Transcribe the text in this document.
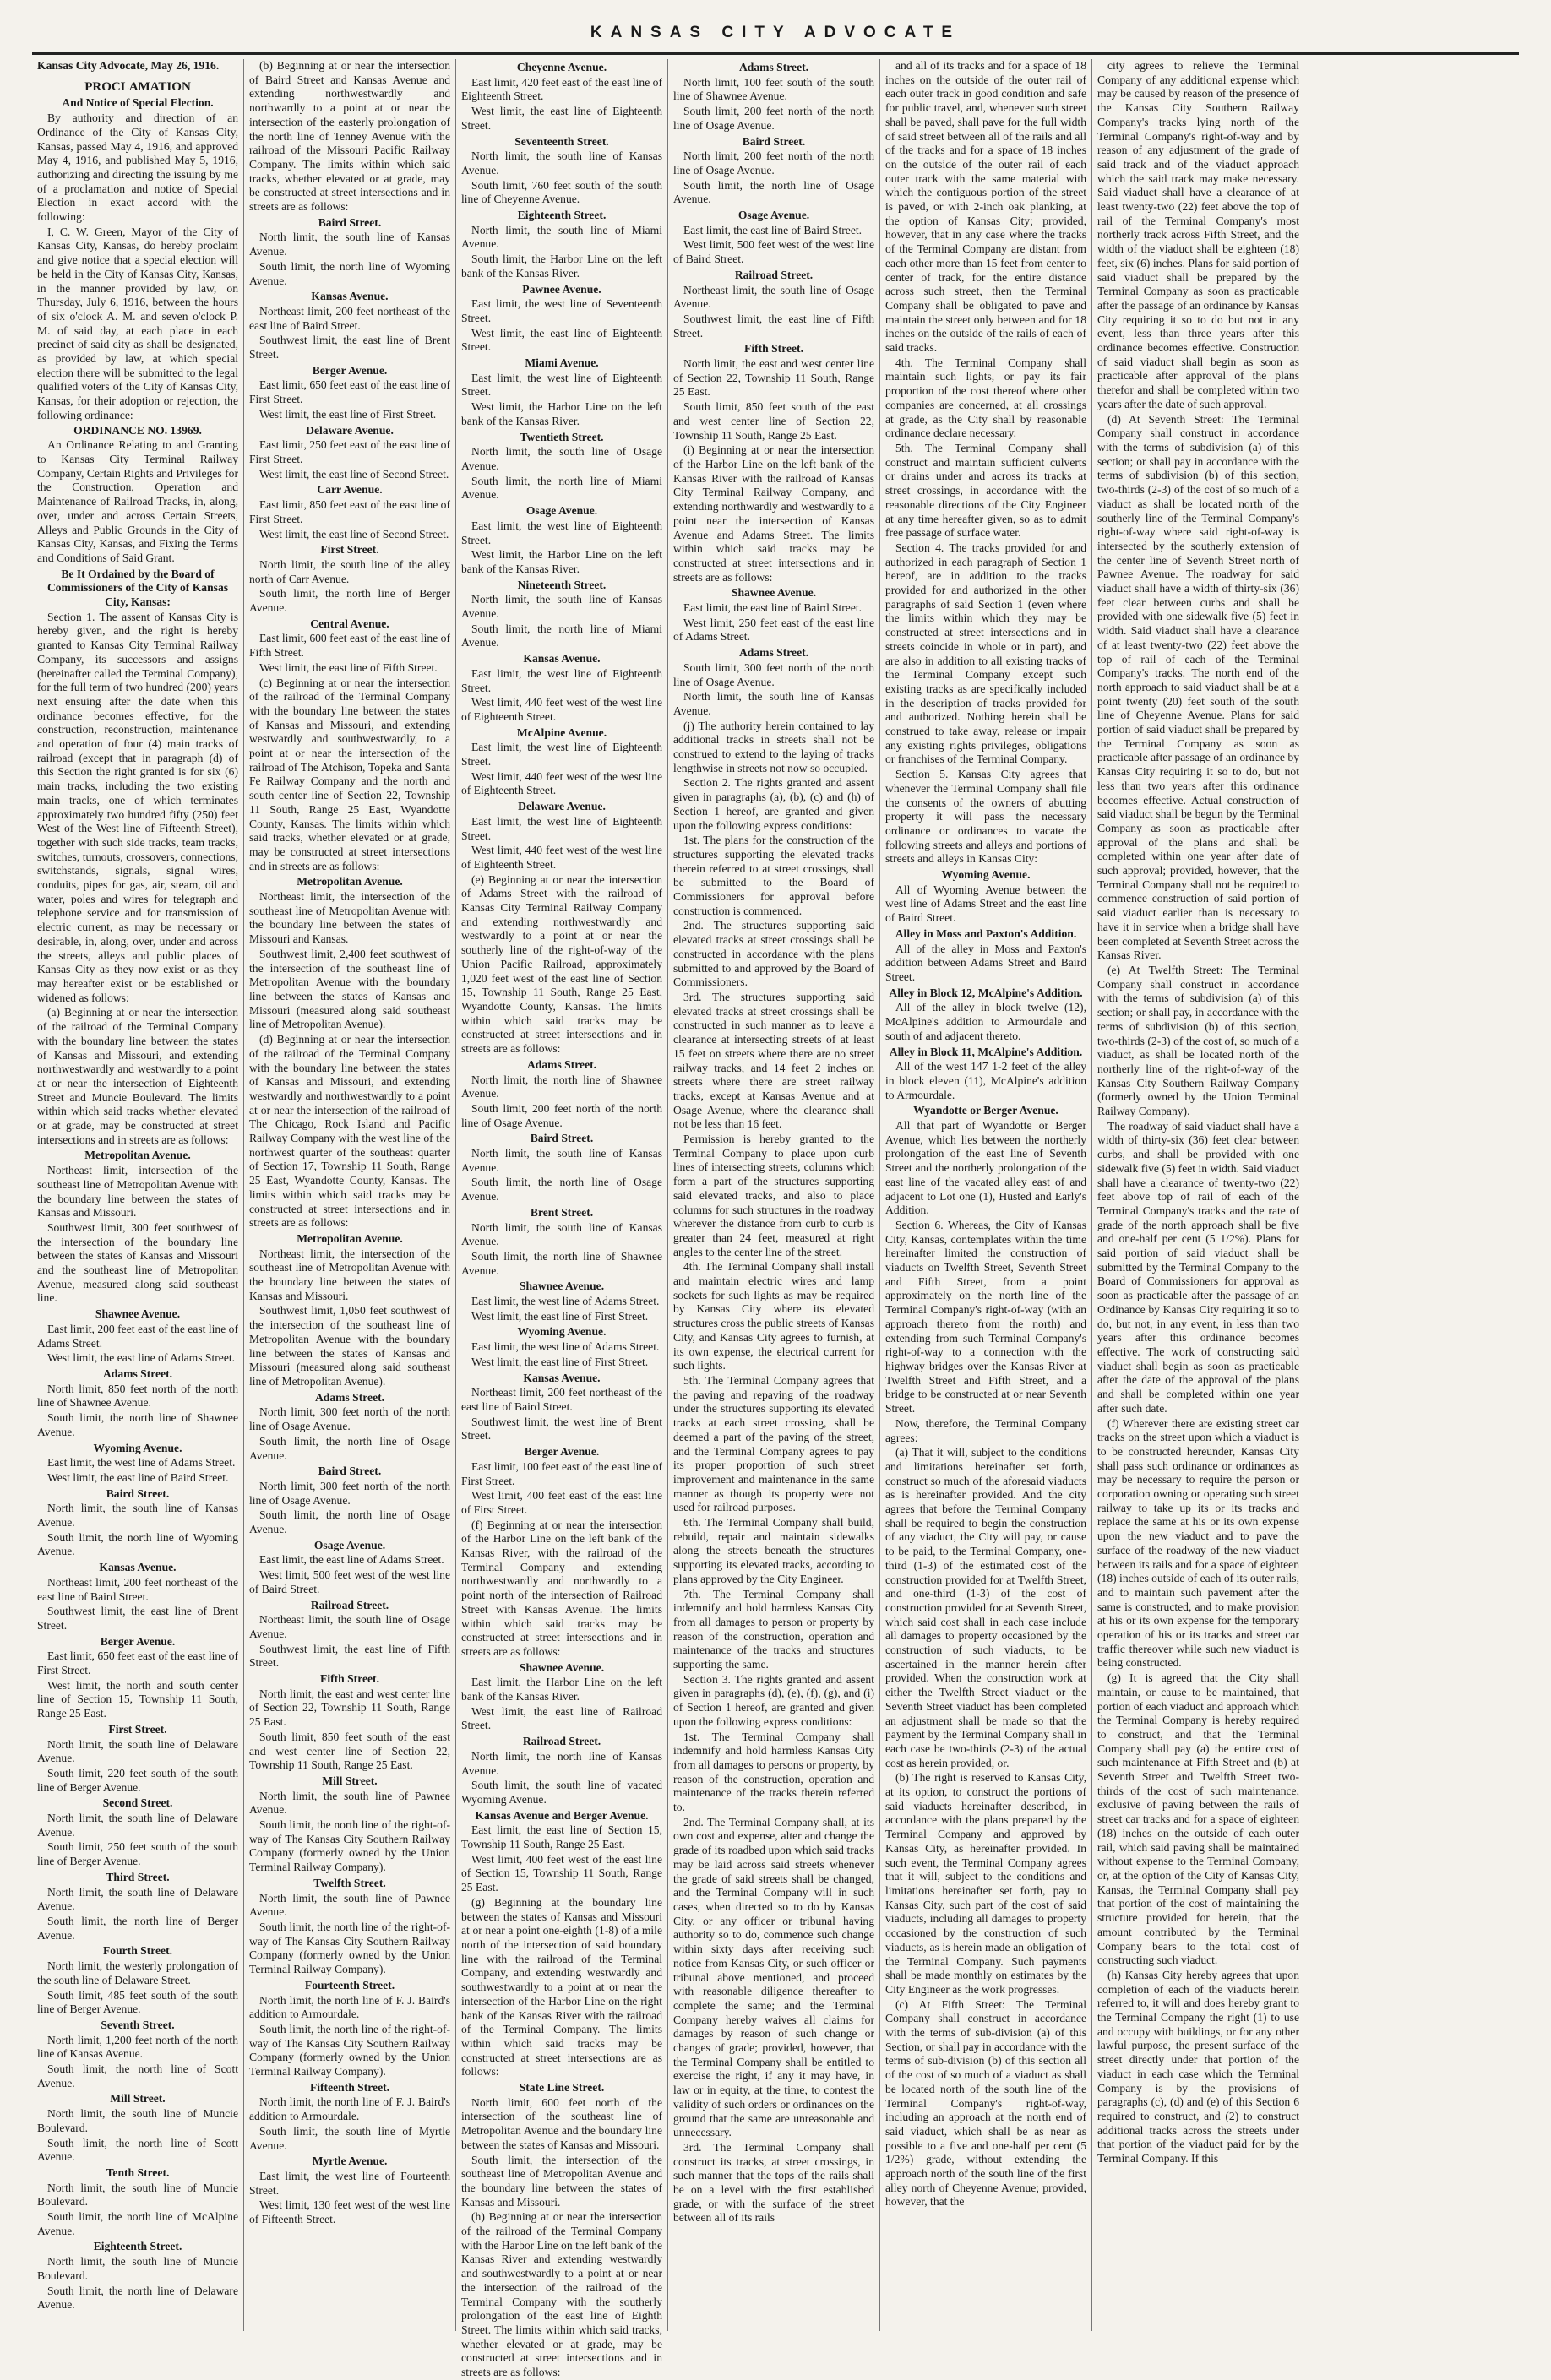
KANSAS CITY ADVOCATE

Kansas City Advocate, May 26, 1916.

PROCLAMATION

And Notice of Special Election.

By authority and direction of an Ordinance of the City of Kansas City, Kansas, passed May 4, 1916, and approved May 4, 1916, and published May 5, 1916, authorizing and directing the issuing by me of a proclamation and notice of Special Election in exact accord with the following:

I, C. W. Green, Mayor of the City of Kansas City, Kansas, do hereby proclaim and give notice that a special election will be held in the City of Kansas City, Kansas, in the manner provided by law, on Thursday, July 6, 1916, between the hours of six o'clock A. M. and seven o'clock P. M. of said day, at each place in each precinct of said city as shall be designated, as provided by law, at which special election there will be submitted to the legal qualified voters of the City of Kansas City, Kansas, for their adoption or rejection, the following ordinance:

ORDINANCE NO. 13969.

An Ordinance Relating to and Granting to Kansas City Terminal Railway Company, Certain Rights and Privileges for the Construction, Operation and Maintenance of Railroad Tracks, in, along, over, under and across Certain Streets, Alleys and Public Grounds in the City of Kansas City, Kansas, and Fixing the Terms and Conditions of Said Grant.

Be It Ordained by the Board of Commissioners of the City of Kansas City, Kansas:

Section 1. The assent of Kansas City is hereby given, and the right is hereby granted to Kansas City Terminal Railway Company, its successors and assigns (hereinafter called the Terminal Company), for the full term of two hundred (200) years next ensuing after the date when this ordinance becomes effective, for the construction, reconstruction, maintenance and operation of four (4) main tracks of railroad (except that in paragraph (d) of this Section the right granted is for six (6) main tracks, including the two existing main tracks, one of which terminates approximately two hundred fifty (250) feet West of the West line of Fifteenth Street), together with such side tracks, team tracks, switches, turnouts, crossovers, connections, switchstands, signals, signal wires, conduits, pipes for gas, air, steam, oil and water, poles and wires for telegraph and telephone service and for transmission of electric current, as may be necessary or desirable, in, along, over, under and across the streets, alleys and public places of Kansas City as they now exist or as they may hereafter exist or be established or widened as follows:

(a) Beginning at or near the intersection of the railroad of the Terminal Company with the boundary line between the states of Kansas and Missouri, and extending northwestwardly and westwardly to a point at or near the intersection of Eighteenth Street and Muncie Boulevard. The limits within which said tracks whether elevated or at grade, may be constructed at street intersections and in streets are as follows:

Metropolitan Avenue.

Northeast limit, intersection of the southeast line of Metropolitan Avenue with the boundary line between the states of Kansas and Missouri.

Southwest limit, 300 feet southwest of the intersection of the boundary line between the states of Kansas and Missouri and the southeast line of Metropolitan Avenue, measured along said southeast line.

Shawnee Avenue.

East limit, 200 feet east of the east line of Adams Street.

West limit, the east line of Adams Street.

Adams Street.

North limit, 850 feet north of the north line of Shawnee Avenue.

South limit, the north line of Shawnee Avenue.

Wyoming Avenue.

East limit, the west line of Adams Street.

West limit, the east line of Baird Street.

Baird Street.

North limit, the south line of Kansas Avenue.

South limit, the north line of Wyoming Avenue.

Kansas Avenue.

Northeast limit, 200 feet northeast of the east line of Baird Street.

Southwest limit, the east line of Brent Street.

Berger Avenue.

East limit, 650 feet east of the east line of First Street.

West limit, the north and south center line of Section 15, Township 11 South, Range 25 East.

First Street.

North limit, the south line of Delaware Avenue.

South limit, 220 feet south of the south line of Berger Avenue.

Second Street.

North limit, the south line of Delaware Avenue.

South limit, 250 feet south of the south line of Berger Avenue.

Third Street.

North limit, the south line of Delaware Avenue.

South limit, the north line of Berger Avenue.

Fourth Street.

North limit, the westerly prolongation of the south line of Delaware Street.

South limit, 485 feet south of the south line of Berger Avenue.

Seventh Street.

North limit, 1,200 feet north of the north line of Kansas Avenue.

South limit, the north line of Scott Avenue.

Mill Street.

North limit, the south line of Muncie Boulevard.

South limit, the north line of Scott Avenue.

Tenth Street.

North limit, the south line of Muncie Boulevard.

South limit, the north line of McAlpine Avenue.

Eighteenth Street.

North limit, the south line of Muncie Boulevard.

South limit, the north line of Delaware Avenue.

(b) Beginning at or near the intersection of Baird Street and Kansas Avenue and extending northwestwardly and northwardly to a point at or near the intersection of the easterly prolongation of the north line of Tenney Avenue with the railroad of the Missouri Pacific Railway Company. The limits within which said tracks, whether elevated or at grade, may be constructed at street intersections and in streets are as follows:

Baird Street.

North limit, the south line of Kansas Avenue.

South limit, the north line of Wyoming Avenue.

Kansas Avenue.

Northeast limit, 200 feet northeast of the east line of Baird Street.

Southwest limit, the east line of Brent Street.

Berger Avenue.

East limit, 650 feet east of the east line of First Street.

West limit, the east line of First Street.

Delaware Avenue.

East limit, 250 feet east of the east line of First Street.

West limit, the east line of Second Street.

Carr Avenue.

East limit, 850 feet east of the east line of First Street.

West limit, the east line of Second Street.

First Street.

North limit, the south line of the alley north of Carr Avenue.

South limit, the north line of Berger Avenue.

Central Avenue.

East limit, 600 feet east of the east line of Fifth Street.

West limit, the east line of Fifth Street.

(c) Beginning at or near the intersection of the railroad of the Terminal Company with the boundary line between the states of Kansas and Missouri, and extending westwardly and southwestwardly, to a point at or near the intersection of the railroad of The Atchison, Topeka and Santa Fe Railway Company and the north and south center line of Section 22, Township 11 South, Range 25 East, Wyandotte County, Kansas. The limits within which said tracks, whether elevated or at grade, may be constructed at street intersections and in streets are as follows:

Metropolitan Avenue.

Northeast limit, the intersection of the southeast line of Metropolitan Avenue with the boundary line between the states of Missouri and Kansas.

Southwest limit, 2,400 feet southwest of the intersection of the southeast line of Metropolitan Avenue with the boundary line between the states of Kansas and Missouri (measured along said southeast line of Metropolitan Avenue).

(d) Beginning at or near the intersection of the railroad of the Terminal Company with the boundary line between the states of Kansas and Missouri, and extending westwardly and northwestwardly to a point at or near the intersection of the railroad of The Chicago, Rock Island and Pacific Railway Company with the west line of the northwest quarter of the southeast quarter of Section 17, Township 11 South, Range 25 East, Wyandotte County, Kansas. The limits within which said tracks may be constructed at street intersections and in streets are as follows:

Metropolitan Avenue.

Northeast limit, the intersection of the southeast line of Metropolitan Avenue with the boundary line between the states of Kansas and Missouri.

Southwest limit, 1,050 feet southwest of the intersection of the southeast line of Metropolitan Avenue with the boundary line between the states of Kansas and Missouri (measured along said southeast line of Metropolitan Avenue).

Adams Street.

North limit, 300 feet north of the north line of Osage Avenue.

South limit, the north line of Osage Avenue.

Baird Street.

North limit, 300 feet north of the north line of Osage Avenue.

South limit, the north line of Osage Avenue.

Osage Avenue.

East limit, the east line of Adams Street.

West limit, 500 feet west of the west line of Baird Street.

Railroad Street.

Northeast limit, the south line of Osage Avenue.

Southwest limit, the east line of Fifth Street.

Fifth Street.

North limit, the east and west center line of Section 22, Township 11 South, Range 25 East.

South limit, 850 feet south of the east and west center line of Section 22, Township 11 South, Range 25 East.

Mill Street.

North limit, the south line of Pawnee Avenue.

South limit, the north line of the right-of-way of The Kansas City Southern Railway Company (formerly owned by the Union Terminal Railway Company).

Twelfth Street.

North limit, the south line of Pawnee Avenue.

South limit, the north line of the right-of-way of The Kansas City Southern Railway Company (formerly owned by the Union Terminal Railway Company).

Fourteenth Street.

North limit, the north line of F. J. Baird's addition to Armourdale.

South limit, the north line of the right-of-way of The Kansas City Southern Railway Company (formerly owned by the Union Terminal Railway Company).

Fifteenth Street.

North limit, the north line of F. J. Baird's addition to Armourdale.

South limit, the south line of Myrtle Avenue.

Myrtle Avenue.

East limit, the west line of Fourteenth Street.

West limit, 130 feet west of the west line of Fifteenth Street.

Cheyenne Avenue.

East limit, 420 feet east of the east line of Eighteenth Street.

West limit, the east line of Eighteenth Street.

Seventeenth Street.

North limit, the south line of Kansas Avenue.

South limit, 760 feet south of the south line of Cheyenne Avenue.

Eighteenth Street.

North limit, the south line of Miami Avenue.

South limit, the Harbor Line on the left bank of the Kansas River.

Pawnee Avenue.

East limit, the west line of Seventeenth Street.

West limit, the east line of Eighteenth Street.

Miami Avenue.

East limit, the west line of Eighteenth Street.

West limit, the Harbor Line on the left bank of the Kansas River.

Twentieth Street.

North limit, the south line of Osage Avenue.

South limit, the north line of Miami Avenue.

Osage Avenue.

East limit, the west line of Eighteenth Street.

West limit, the Harbor Line on the left bank of the Kansas River.

Nineteenth Street.

North limit, the south line of Kansas Avenue.

South limit, the north line of Miami Avenue.

Kansas Avenue.

East limit, the west line of Eighteenth Street.

West limit, 440 feet west of the west line of Eighteenth Street.

McAlpine Avenue.

East limit, the west line of Eighteenth Street.

West limit, 440 feet west of the west line of Eighteenth Street.

Delaware Avenue.

East limit, the west line of Eighteenth Street.

West limit, 440 feet west of the west line of Eighteenth Street.

(e) Beginning at or near the intersection of Adams Street with the railroad of Kansas City Terminal Railway Company and extending northwestwardly and westwardly to a point at or near the southerly line of the right-of-way of the Union Pacific Railroad, approximately 1,020 feet west of the east line of Section 15, Township 11 South, Range 25 East, Wyandotte County, Kansas. The limits within which said tracks may be constructed at street intersections and in streets are as follows:

Adams Street.

North limit, the north line of Shawnee Avenue.

South limit, 200 feet north of the north line of Osage Avenue.

Baird Street.

North limit, the south line of Kansas Avenue.

South limit, the north line of Osage Avenue.

Brent Street.

North limit, the south line of Kansas Avenue.

South limit, the north line of Shawnee Avenue.

Shawnee Avenue.

East limit, the west line of Adams Street.

West limit, the east line of First Street.

Wyoming Avenue.

East limit, the west line of Adams Street.

West limit, the east line of First Street.

Kansas Avenue.

Northeast limit, 200 feet northeast of the east line of Baird Street.

Southwest limit, the west line of Brent Street.

Berger Avenue.

East limit, 100 feet east of the east line of First Street.

West limit, 400 feet east of the east line of First Street.

(f) Beginning at or near the intersection of the Harbor Line on the left bank of the Kansas River, with the railroad of the Terminal Company and extending northwestwardly and northwardly to a point north of the intersection of Railroad Street with Kansas Avenue. The limits within which said tracks may be constructed at street intersections and in streets are as follows:

Shawnee Avenue.

East limit, the Harbor Line on the left bank of the Kansas River.

West limit, the east line of Railroad Street.

Railroad Street.

North limit, the north line of Kansas Avenue.

South limit, the south line of vacated Wyoming Avenue.

Kansas Avenue and Berger Avenue.

East limit, the east line of Section 15, Township 11 South, Range 25 East.

West limit, 400 feet west of the east line of Section 15, Township 11 South, Range 25 East.

(g) Beginning at the boundary line between the states of Kansas and Missouri at or near a point one-eighth (1-8) of a mile north of the intersection of said boundary line with the railroad of the Terminal Company, and extending westwardly and southwestwardly to a point at or near the intersection of the Harbor Line on the right bank of the Kansas River with the railroad of the Terminal Company. The limits within which said tracks may be constructed at street intersections are as follows:

State Line Street.

North limit, 600 feet north of the intersection of the southeast line of Metropolitan Avenue and the boundary line between the states of Kansas and Missouri.

South limit, the intersection of the southeast line of Metropolitan Avenue and the boundary line between the states of Kansas and Missouri.

(h) Beginning at or near the intersection of the railroad of the Terminal Company with the Harbor Line on the left bank of the Kansas River and extending westwardly and southwestwardly to a point at or near the intersection of the railroad of the Terminal Company with the southerly prolongation of the east line of Eighth Street. The limits within which said tracks, whether elevated or at grade, may be constructed at street intersections and in streets are as follows:

Adams Street.

North limit, 100 feet south of the south line of Shawnee Avenue.

South limit, 200 feet north of the north line of Osage Avenue.

Baird Street.

North limit, 200 feet north of the north line of Osage Avenue.

South limit, the north line of Osage Avenue.

Osage Avenue.

East limit, the east line of Baird Street.

West limit, 500 feet west of the west line of Baird Street.

Railroad Street.

Northeast limit, the south line of Osage Avenue.

Southwest limit, the east line of Fifth Street.

Fifth Street.

North limit, the east and west center line of Section 22, Township 11 South, Range 25 East.

South limit, 850 feet south of the east and west center line of Section 22, Township 11 South, Range 25 East.

(i) Beginning at or near the intersection of the Harbor Line on the left bank of the Kansas River with the railroad of Kansas City Terminal Railway Company, and extending northwardly and westwardly to a point near the intersection of Kansas Avenue and Adams Street. The limits within which said tracks may be constructed at street intersections and in streets are as follows:

Shawnee Avenue.

East limit, the east line of Baird Street.

West limit, 250 feet east of the east line of Adams Street.

Adams Street.

South limit, 300 feet north of the north line of Osage Avenue.

North limit, the south line of Kansas Avenue.

(j) The authority herein contained to lay additional tracks in streets shall not be construed to extend to the laying of tracks lengthwise in streets not now so occupied.

Section 2. The rights granted and assent given in paragraphs (a), (b), (c) and (h) of Section 1 hereof, are granted and given upon the following express conditions:

1st. The plans for the construction of the structures supporting the elevated tracks therein referred to at street crossings, shall be submitted to the Board of Commissioners for approval before construction is commenced.

2nd. The structures supporting said elevated tracks at street crossings shall be constructed in accordance with the plans submitted to and approved by the Board of Commissioners.

3rd. The structures supporting said elevated tracks at street crossings shall be constructed in such manner as to leave a clearance at intersecting streets of at least 15 feet on streets where there are no street railway tracks, and 14 feet 2 inches on streets where there are street railway tracks, except at Kansas Avenue and at Osage Avenue, where the clearance shall not be less than 16 feet.

Permission is hereby granted to the Terminal Company to place upon curb lines of intersecting streets, columns which form a part of the structures supporting said elevated tracks, and also to place columns for such structures in the roadway wherever the distance from curb to curb is greater than 24 feet, measured at right angles to the center line of the street.

4th. The Terminal Company shall install and maintain electric wires and lamp sockets for such lights as may be required by Kansas City where its elevated structures cross the public streets of Kansas City, and Kansas City agrees to furnish, at its own expense, the electrical current for such lights.

5th. The Terminal Company agrees that the paving and repaving of the roadway under the structures supporting its elevated tracks at each street crossing, shall be deemed a part of the paving of the street, and the Terminal Company agrees to pay its proper proportion of such street improvement and maintenance in the same manner as though its property were not used for railroad purposes.

6th. The Terminal Company shall build, rebuild, repair and maintain sidewalks along the streets beneath the structures supporting its elevated tracks, according to plans approved by the City Engineer.

7th. The Terminal Company shall indemnify and hold harmless Kansas City from all damages to person or property by reason of the construction, operation and maintenance of the tracks and structures supporting the same.

Section 3. The rights granted and assent given in paragraphs (d), (e), (f), (g), and (i) of Section 1 hereof, are granted and given upon the following express conditions:

1st. The Terminal Company shall indemnify and hold harmless Kansas City from all damages to persons or property, by reason of the construction, operation and maintenance of the tracks therein referred to.

2nd. The Terminal Company shall, at its own cost and expense, alter and change the grade of its roadbed upon which said tracks may be laid across said streets whenever the grade of said streets shall be changed, and the Terminal Company will in such cases, when directed so to do by Kansas City, or any officer or tribunal having authority so to do, commence such change within sixty days after receiving such notice from Kansas City, or such officer or tribunal above mentioned, and proceed with reasonable diligence thereafter to complete the same; and the Terminal Company hereby waives all claims for damages by reason of such change or changes of grade; provided, however, that the Terminal Company shall be entitled to exercise the right, if any it may have, in law or in equity, at the time, to contest the validity of such orders or ordinances on the ground that the same are unreasonable and unnecessary.

3rd. The Terminal Company shall construct its tracks, at street crossings, in such manner that the tops of the rails shall be on a level with the first established grade, or with the surface of the street between all of its rails

and all of its tracks and for a space of 18 inches on the outside of the outer rail of each outer track in good condition and safe for public travel, and, whenever such street shall be paved, shall pave for the full width of said street between all of the rails and all of the tracks and for a space of 18 inches on the outside of the outer rail of each outer track with the same material with which the contiguous portion of the street is paved, or with 2-inch oak planking, at the option of Kansas City; provided, however, that in any case where the tracks of the Terminal Company are distant from each other more than 15 feet from center to center of track, for the entire distance across such street, then the Terminal Company shall be obligated to pave and maintain the street only between and for 18 inches on the outside of the rails of each of said tracks.

4th. The Terminal Company shall maintain such lights, or pay its fair proportion of the cost thereof where other companies are concerned, at all crossings at grade, as the City shall by reasonable ordinance declare necessary.

5th. The Terminal Company shall construct and maintain sufficient culverts or drains under and across its tracks at street crossings, in accordance with the reasonable directions of the City Engineer at any time hereafter given, so as to admit free passage of surface water.

Section 4. The tracks provided for and authorized in each paragraph of Section 1 hereof, are in addition to the tracks provided for and authorized in the other paragraphs of said Section 1 (even where the limits within which they may be constructed at street intersections and in streets coincide in whole or in part), and are also in addition to all existing tracks of the Terminal Company except such existing tracks as are specifically included in the description of tracks provided for and authorized. Nothing herein shall be construed to take away, release or impair any existing rights privileges, obligations or franchises of the Terminal Company.

Section 5. Kansas City agrees that whenever the Terminal Company shall file the consents of the owners of abutting property it will pass the necessary ordinance or ordinances to vacate the following streets and alleys and portions of streets and alleys in Kansas City:

Wyoming Avenue.

All of Wyoming Avenue between the west line of Adams Street and the east line of Baird Street.

Alley in Moss and Paxton's Addition.

All of the alley in Moss and Paxton's addition between Adams Street and Baird Street.

Alley in Block 12, McAlpine's Addition.

All of the alley in block twelve (12), McAlpine's addition to Armourdale and south of and adjacent thereto.

Alley in Block 11, McAlpine's Addition.

All of the west 147 1-2 feet of the alley in block eleven (11), McAlpine's addition to Armourdale.

Wyandotte or Berger Avenue.

All that part of Wyandotte or Berger Avenue, which lies between the northerly prolongation of the east line of Seventh Street and the northerly prolongation of the east line of the vacated alley east of and adjacent to Lot one (1), Husted and Early's Addition.

Section 6. Whereas, the City of Kansas City, Kansas, contemplates within the time hereinafter limited the construction of viaducts on Twelfth Street, Seventh Street and Fifth Street, from a point approximately on the north line of the Terminal Company's right-of-way (with an approach thereto from the north) and extending from such Terminal Company's right-of-way to a connection with the highway bridges over the Kansas River at Twelfth Street and Fifth Street, and a bridge to be constructed at or near Seventh Street.

Now, therefore, the Terminal Company agrees:

(a) That it will, subject to the conditions and limitations hereinafter set forth, construct so much of the aforesaid viaducts as is hereinafter provided. And the city agrees that before the Terminal Company shall be required to begin the construction of any viaduct, the City will pay, or cause to be paid, to the Terminal Company, one-third (1-3) of the estimated cost of the construction provided for at Twelfth Street, and one-third (1-3) of the cost of construction provided for at Seventh Street, which said cost shall in each case include all damages to property occasioned by the construction of such viaducts, to be ascertained in the manner herein after provided. When the construction work at either the Twelfth Street viaduct or the Seventh Street viaduct has been completed an adjustment shall be made so that the payment by the Terminal Company shall in each case be two-thirds (2-3) of the actual cost as herein provided, or.

(b) The right is reserved to Kansas City, at its option, to construct the portions of said viaducts hereinafter described, in accordance with the plans prepared by the Terminal Company and approved by Kansas City, as hereinafter provided. In such event, the Terminal Company agrees that it will, subject to the conditions and limitations hereinafter set forth, pay to Kansas City, such part of the cost of said viaducts, including all damages to property occasioned by the construction of such viaducts, as is herein made an obligation of the Terminal Company. Such payments shall be made monthly on estimates by the City Engineer as the work progresses.

(c) At Fifth Street: The Terminal Company shall construct in accordance with the terms of sub-division (a) of this Section, or shall pay in accordance with the terms of sub-division (b) of this section all of the cost of so much of a viaduct as shall be located north of the south line of the Terminal Company's right-of-way, including an approach at the north end of said viaduct, which shall be as near as possible to a five and one-half per cent (5 1/2%) grade, without extending the approach north of the south line of the first alley north of Cheyenne Avenue; provided, however, that the

city agrees to relieve the Terminal Company of any additional expense which may be caused by reason of the presence of the Kansas City Southern Railway Company's tracks lying north of the Terminal Company's right-of-way and by reason of any adjustment of the grade of said track and of the viaduct approach which the said track may make necessary. Said viaduct shall have a clearance of at least twenty-two (22) feet above the top of rail of the Terminal Company's most northerly track across Fifth Street, and the width of the viaduct shall be eighteen (18) feet, six (6) inches. Plans for said portion of said viaduct shall be prepared by the Terminal Company as soon as practicable after the passage of an ordinance by Kansas City requiring it so to do but not in any event, less than three years after this ordinance becomes effective. Construction of said viaduct shall begin as soon as practicable after approval of the plans therefor and shall be completed within two years after the date of such approval.

(d) At Seventh Street: The Terminal Company shall construct in accordance with the terms of subdivision (a) of this section; or shall pay in accordance with the terms of subdivision (b) of this section, two-thirds (2-3) of the cost of so much of a viaduct as shall be located north of the southerly line of the Terminal Company's right-of-way where said right-of-way is intersected by the southerly extension of the center line of Seventh Street north of Pawnee Avenue. The roadway for said viaduct shall have a width of thirty-six (36) feet clear between curbs and shall be provided with one sidewalk five (5) feet in width. Said viaduct shall have a clearance of at least twenty-two (22) feet above the top of rail of each of the Terminal Company's tracks. The north end of the north approach to said viaduct shall be at a point twenty (20) feet south of the south line of Cheyenne Avenue. Plans for said portion of said viaduct shall be prepared by the Terminal Company as soon as practicable after passage of an ordinance by Kansas City requiring it so to do, but not less than two years after this ordinance becomes effective. Actual construction of said viaduct shall be begun by the Terminal Company as soon as practicable after approval of the plans and shall be completed within one year after date of such approval; provided, however, that the Terminal Company shall not be required to commence construction of said portion of said viaduct earlier than is necessary to have it in service when a bridge shall have been completed at Seventh Street across the Kansas River.

(e) At Twelfth Street: The Terminal Company shall construct in accordance with the terms of subdivision (a) of this section; or shall pay, in accordance with the terms of subdivision (b) of this section, two-thirds (2-3) of the cost of, so much of a viaduct, as shall be located north of the northerly line of the right-of-way of the Kansas City Southern Railway Company (formerly owned by the Union Terminal Railway Company).

The roadway of said viaduct shall have a width of thirty-six (36) feet clear between curbs, and shall be provided with one sidewalk five (5) feet in width. Said viaduct shall have a clearance of twenty-two (22) feet above top of rail of each of the Terminal Company's tracks and the rate of grade of the north approach shall be five and one-half per cent (5 1/2%). Plans for said portion of said viaduct shall be submitted by the Terminal Company to the Board of Commissioners for approval as soon as practicable after the passage of an Ordinance by Kansas City requiring it so to do, but not, in any event, in less than two years after this ordinance becomes effective. The work of constructing said viaduct shall begin as soon as practicable after the date of the approval of the plans and shall be completed within one year after such date.

(f) Wherever there are existing street car tracks on the street upon which a viaduct is to be constructed hereunder, Kansas City shall pass such ordinance or ordinances as may be necessary to require the person or corporation owning or operating such street railway to take up its or its tracks and replace the same at his or its own expense upon the new viaduct and to pave the surface of the roadway of the new viaduct between its rails and for a space of eighteen (18) inches outside of each of its outer rails, and to maintain such pavement after the same is constructed, and to make provision at his or its own expense for the temporary operation of his or its tracks and street car traffic thereover while such new viaduct is being constructed.

(g) It is agreed that the City shall maintain, or cause to be maintained, that portion of each viaduct and approach which the Terminal Company is hereby required to construct, and that the Terminal Company shall pay (a) the entire cost of such maintenance at Fifth Street and (b) at Seventh Street and Twelfth Street two-thirds of the cost of such maintenance, exclusive of paving between the rails of street car tracks and for a space of eighteen (18) inches on the outside of each outer rail, which said paving shall be maintained without expense to the Terminal Company, or, at the option of the City of Kansas City, Kansas, the Terminal Company shall pay that portion of the cost of maintaining the structure provided for herein, that the amount contributed by the Terminal Company bears to the total cost of constructing such viaduct.

(h) Kansas City hereby agrees that upon completion of each of the viaducts herein referred to, it will and does hereby grant to the Terminal Company the right (1) to use and occupy with buildings, or for any other lawful purpose, the present surface of the street directly under that portion of the viaduct in each case which the Terminal Company is by the provisions of paragraphs (c), (d) and (e) of this Section 6 required to construct, and (2) to construct additional tracks across the streets under that portion of the viaduct paid for by the Terminal Company. If this
